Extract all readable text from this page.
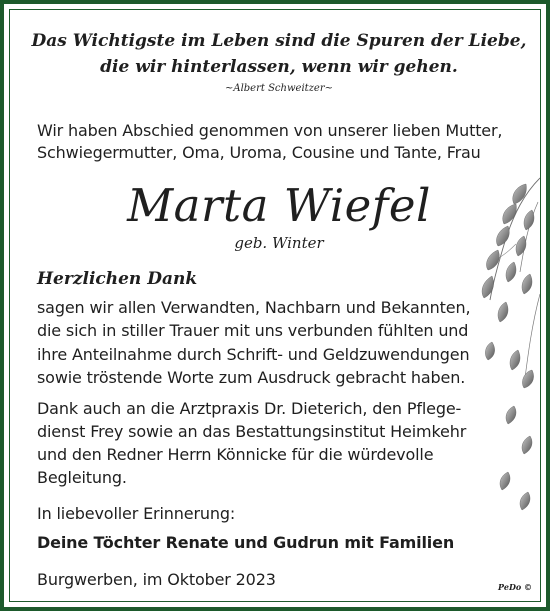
Das Wichtigste im Leben sind die Spuren der Liebe,
die wir hinterlassen, wenn wir gehen.
~Albert Schweitzer~
Wir haben Abschied genommen von unserer lieben Mutter,
Schwiegermutter, Oma, Uroma, Cousine und Tante, Frau
Marta Wiefel
geb. Winter
Herzlichen Dank
sagen wir allen Verwandten, Nachbarn und Bekannten,
die sich in stiller Trauer mit uns verbunden fühlten und
ihre Anteilnahme durch Schrift- und Geldzuwendungen
sowie tröstende Worte zum Ausdruck gebracht haben.
Dank auch an die Arztpraxis Dr. Dieterich, den Pflege-
dienst Frey sowie an das Bestattungsinstitut Heimkehr
und den Redner Herrn Könnicke für die würdevolle
Begleitung.
In liebevoller Erinnerung:
Deine Töchter Renate und Gudrun mit Familien
Burgwerben, im Oktober 2023	PeDo ©
